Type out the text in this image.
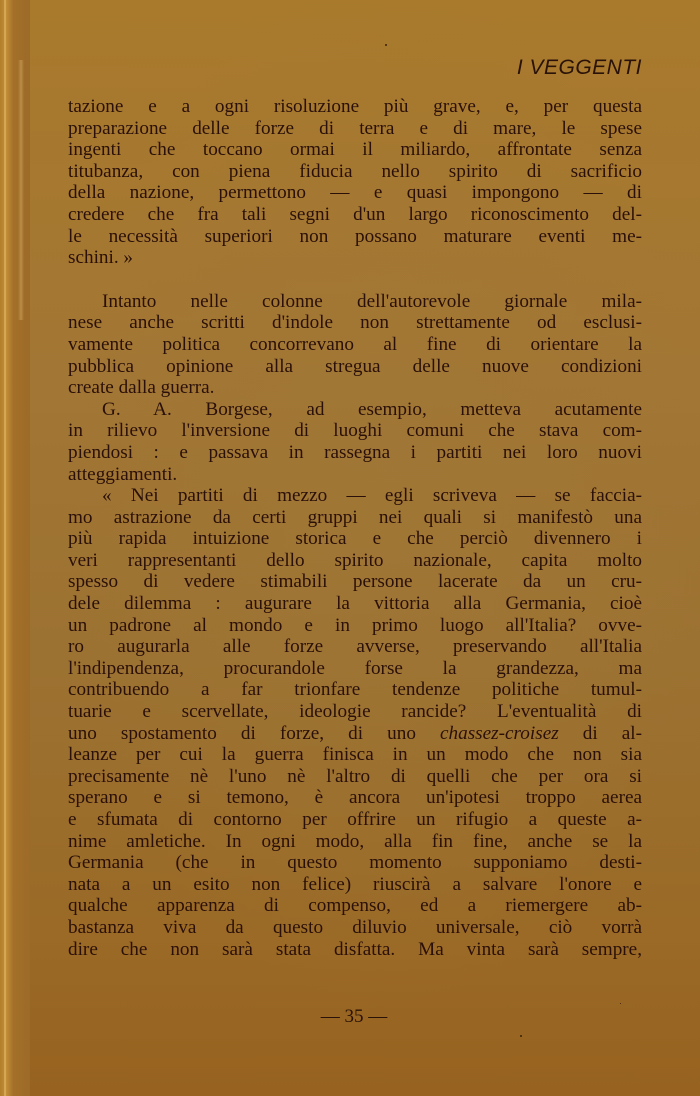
I VEGGENTI
tazione e a ogni risoluzione più grave, e, per questa
preparazione delle forze di terra e di mare, le spese
ingenti che toccano ormai il miliardo, affrontate senza
titubanza, con piena fiducia nello spirito di sacrificio
della nazione, permettono — e quasi impongono — di
credere che fra tali segni d'un largo riconoscimento del-
le necessità superiori non possano maturare eventi me-
schini. »
Intanto nelle colonne dell'autorevole giornale mila-
nese anche scritti d'indole non strettamente od esclusi-
vamente politica concorrevano al fine di orientare la
pubblica opinione alla stregua delle nuove condizioni
create dalla guerra.
G. A. Borgese, ad esempio, metteva acutamente
in rilievo l'inversione di luoghi comuni che stava com-
piendosi : e passava in rassegna i partiti nei loro nuovi
atteggiamenti.
« Nei partiti di mezzo — egli scriveva — se faccia-
mo astrazione da certi gruppi nei quali si manifestò una
più rapida intuizione storica e che perciò divennero i
veri rappresentanti dello spirito nazionale, capita molto
spesso di vedere stimabili persone lacerate da un cru-
dele dilemma : augurare la vittoria alla Germania, cioè
un padrone al mondo e in primo luogo all'Italia? ovve-
ro augurarla alle forze avverse, preservando all'Italia
l'indipendenza, procurandole forse la grandezza, ma
contribuendo a far trionfare tendenze politiche tumul-
tuarie e scervellate, ideologie rancide? L'eventualità di
uno spostamento di forze, di uno chassez-croisez di al-
leanze per cui la guerra finisca in un modo che non sia
precisamente nè l'uno nè l'altro di quelli che per ora si
sperano e si temono, è ancora un'ipotesi troppo aerea
e sfumata di contorno per offrire un rifugio a queste a-
nime amletiche. In ogni modo, alla fin fine, anche se la
Germania (che in questo momento supponiamo desti-
nata a un esito non felice) riuscirà a salvare l'onore e
qualche apparenza di compenso, ed a riemergere ab-
bastanza viva da questo diluvio universale, ciò vorrà
dire che non sarà stata disfatta. Ma vinta sarà sempre,
— 35 —
